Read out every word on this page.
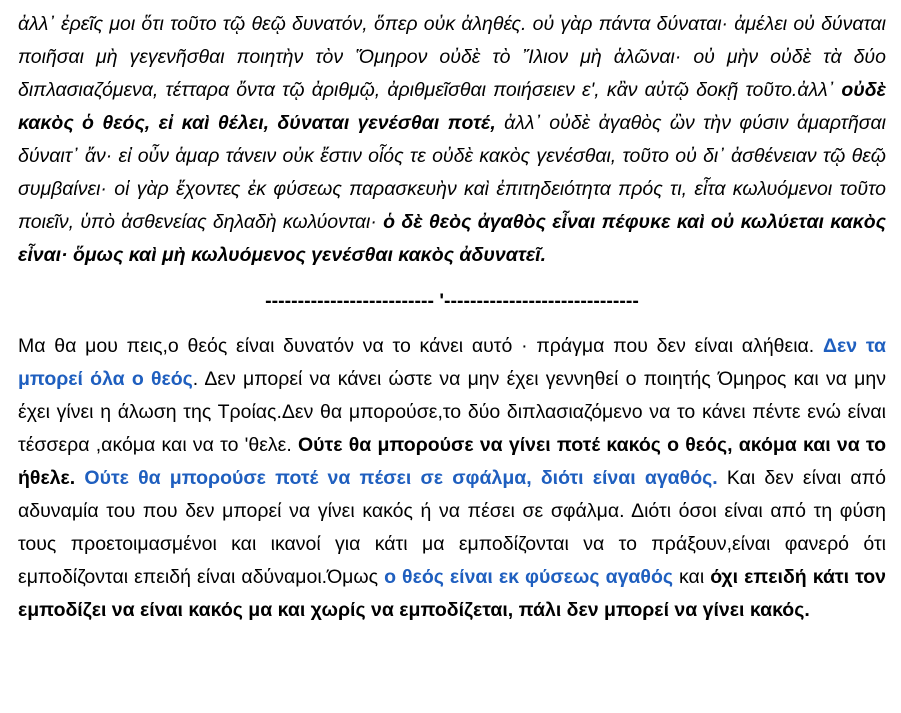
ἀλλ᾽ ἐρεῖς μοι ὅτι τοῦτο τῷ θεῷ δυνατόν, ὅπερ οὐκ ἀληθές. οὐ γὰρ πάντα δύναται· ἀμέλει οὐ δύναται ποιῆσαι μὴ γεγενῆσθαι ποιητὴν τὸν Ὅμηρον οὐδὲ τὸ Ἴλιον μὴ ἁλῶναι· οὐ μὴν οὐδὲ τὰ δύο διπλασιαζόμενα, τέτταρα ὄντα τῷ ἀριθμῷ, ἀριθμεῖσθαι ποιήσειεν ε', κἂν αὐτῷ δοκῇ τοῦτο.ἀλλ᾽ οὐδὲ κακὸς ὁ θεός, εἰ καὶ θέλει, δύναται γενέσθαι ποτέ, ἀλλ᾽ οὐδὲ ἀγαθὸς ὢν τὴν φύσιν ἁμαρτῆσαι δύναιτ᾽ ἄν· εἰ οὖν ἁμαρ τάνειν οὐκ ἔστιν οἷός τε οὐδὲ κακὸς γενέσθαι, τοῦτο οὐ δι᾽ ἀσθένειαν τῷ θεῷ συμβαίνει· οἱ γὰρ ἔχοντες ἐκ φύσεως παρασκευὴν καὶ ἐπιτηδειότητα πρός τι, εἶτα κωλυόμενοι τοῦτο ποιεῖν, ὑπὸ ἀσθενείας δηλαδὴ κωλύονται· ὁ δὲ θεὸς ἀγαθὸς εἶναι πέφυκε καὶ οὐ κωλύεται κακὸς εἶναι· ὅμως καὶ μὴ κωλυόμενος γενέσθαι κακὸς ἀδυνατεῖ.

-------------------------- '------------------------------

Μα θα μου πεις,ο θεός είναι δυνατόν να το κάνει αυτό · πράγμα που δεν είναι αλήθεια. Δεν τα μπορεί όλα ο θεός. Δεν μπορεί να κάνει ώστε να μην έχει γεννηθεί ο ποιητής Όμηρος και να μην έχει γίνει η άλωση της Τροίας.Δεν θα μπορούσε,το δύο διπλασιαζόμενο να το κάνει πέντε ενώ είναι τέσσερα ,ακόμα και να το 'θελε. Ούτε θα μπορούσε να γίνει ποτέ κακός ο θεός, ακόμα και να το ήθελε. Ούτε θα μπορούσε ποτέ να πέσει σε σφάλμα, διότι είναι αγαθός. Και δεν είναι από αδυναμία του που δεν μπορεί να γίνει κακός ή να πέσει σε σφάλμα. Διότι όσοι είναι από τη φύση τους προετοιμασμένοι και ικανοί για κάτι μα εμποδίζονται να το πράξουν,είναι φανερό ότι εμποδίζονται επειδή είναι αδύναμοι.Όμως ο θεός είναι εκ φύσεως αγαθός και όχι επειδή κάτι τον εμποδίζει να είναι κακός μα και χωρίς να εμποδίζεται, πάλι δεν μπορεί να γίνει κακός.
